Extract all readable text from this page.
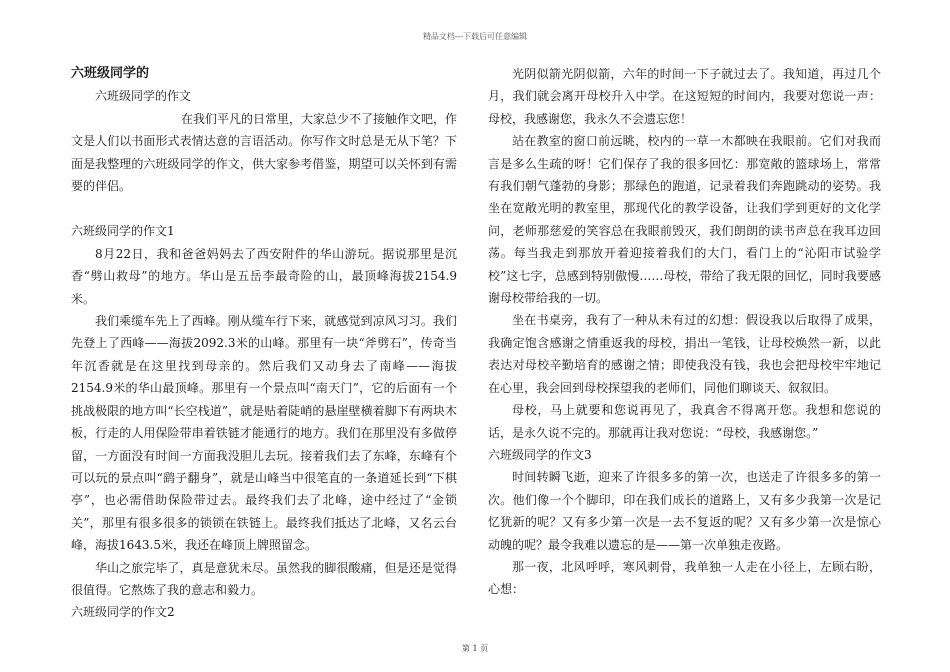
精品文档---下载后可任意编辑

六班级同学的

六班级同学的作文

在我们平凡的日常里，大家总少不了接触作文吧，作文是人们以书面形式表情达意的言语活动。你写作文时总是无从下笔？下面是我整理的六班级同学的作文，供大家参考借鉴，期望可以关怀到有需要的伴侣。

六班级同学的作文1

8月22日，我和爸爸妈妈去了西安附件的华山游玩。据说那里是沉香“劈山救母”的地方。华山是五岳李最奇险的山，最顶峰海拔2154.9米。

我们乘缆车先上了西峰。刚从缆车行下来，就感觉到凉风习习。我们先登上了西峰——海拔2092.3米的山峰。那里有一块“斧劈石”，传奇当年沉香就是在这里找到母亲的。然后我们又动身去了南峰——海拔2154.9米的华山最顶峰。那里有一个景点叫“南天门”，它的后面有一个挑战极限的地方叫“长空栈道”，就是贴着陡峭的悬崖壁横着脚下有两块木板，行走的人用保险带串着铁链才能通行的地方。我们在那里没有多做停留，一方面没有时间一方面我没胆儿去玩。接着我们去了东峰，东峰有个可以玩的景点叫“鹞子翻身”，就是山峰当中很笔直的一条道延长到“下棋亭”，也必需借助保险带过去。最终我们去了北峰，途中经过了“金锁关”，那里有很多很多的锁锁在铁链上。最终我们抵达了北峰，又名云台峰，海拔1643.5米，我还在峰顶上牌照留念。

华山之旅完毕了，真是意犹未尽。虽然我的脚很酸痛，但是还是觉得很值得。它熬炼了我的意志和毅力。

六班级同学的作文2

光阴似箭光阴似箭，六年的时间一下子就过去了。我知道，再过几个月，我们就会离开母校升入中学。在这短短的时间内，我要对您说一声：母校，我感谢您，我永久不会遗忘您！

站在教室的窗口前远眺，校内的一草一木都映在我眼前。它们对我而言是多么生疏的呀！它们保存了我的很多回忆：那宽敞的篮球场上，常常有我们朝气蓬勃的身影；那绿色的跑道，记录着我们奔跑跳动的姿势。我坐在宽敞光明的教室里，那现代化的教学设备，让我们学到更好的文化学问，老师那慈爱的笑容总在我眼前毁灭，我们朗朗的读书声总在我耳边回荡。每当我走到那放开着迎接着我们的大门，看门上的“沁阳市试验学校”这七字，总感到特别傲慢……母校，带给了我无限的回忆，同时我要感谢母校带给我的一切。

坐在书桌旁，我有了一种从未有过的幻想：假设我以后取得了成果，我确定饱含感谢之情重返我的母校，捐出一笔钱，让母校焕然一新，以此表达对母校辛勤培育的感谢之情；即使我没有钱，我也会把母校牢牢地记在心里，我会回到母校探望我的老师们，同他们聊谈天、叙叙旧。

母校，马上就要和您说再见了，我真舍不得离开您。我想和您说的话，是永久说不完的。那就再让我对您说：“母校，我感谢您。”

六班级同学的作文3

时间转瞬飞逝，迎来了许很多多的第一次，也送走了许很多多的第一次。他们像一个个脚印，印在我们成长的道路上，又有多少我第一次是记忆犹新的呢？又有多少第一次是一去不复返的呢？又有多少第一次是惊心动魄的呢？最令我难以遗忘的是——第一次单独走夜路。

那一夜，北风呼呼，寒风刺骨，我单独一人走在小径上，左顾右盼，心想：

第 1 页
